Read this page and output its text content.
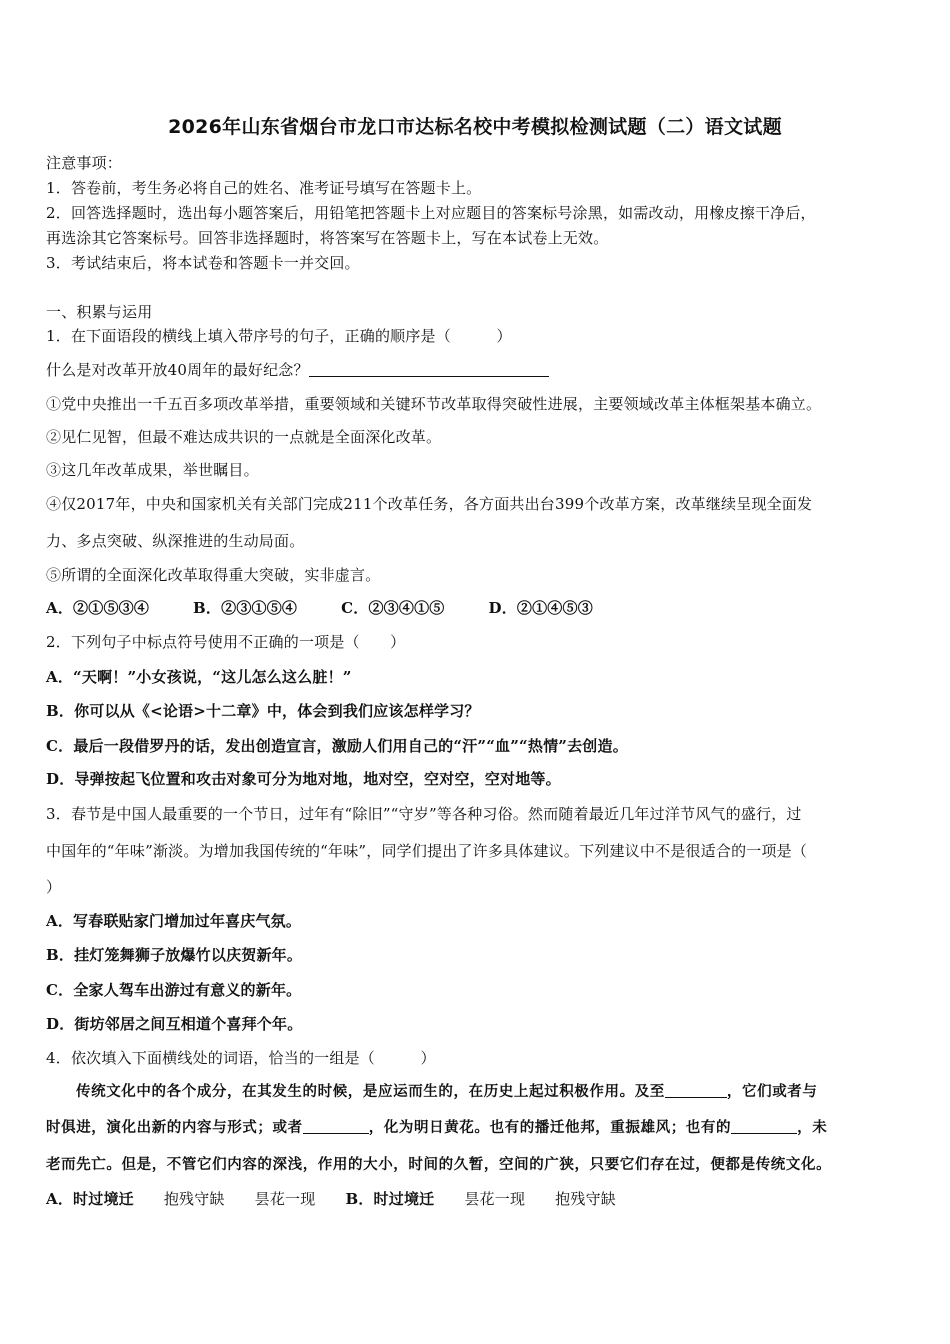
2026年山东省烟台市龙口市达标名校中考模拟检测试题（二）语文试题
注意事项：
1．答卷前，考生务必将自己的姓名、准考证号填写在答题卡上。
2．回答选择题时，选出每小题答案后，用铅笔把答题卡上对应题目的答案标号涂黑，如需改动，用橡皮擦干净后，
再选涂其它答案标号。回答非选择题时，将答案写在答题卡上，写在本试卷上无效。
3．考试结束后，将本试卷和答题卡一并交回。
一、积累与运用
1．在下面语段的横线上填入带序号的句子，正确的顺序是（　　　）
什么是对改革开放40周年的最好纪念？
①党中央推出一千五百多项改革举措，重要领域和关键环节改革取得突破性进展，主要领域改革主体框架基本确立。
②见仁见智，但最不难达成共识的一点就是全面深化改革。
③这几年改革成果，举世瞩目。
④仅2017年，中央和国家机关有关部门完成211个改革任务，各方面共出台399个改革方案，改革继续呈现全面发
力、多点突破、纵深推进的生动局面。
⑤所谓的全面深化改革取得重大突破，实非虚言。
A．②①⑤③④	B．②③①⑤④	C．②③④①⑤	D．②①④⑤③
2．下列句子中标点符号使用不正确的一项是（　　）
A．“天啊！”小女孩说，“这儿怎么这么脏！”
B．你可以从《<论语>十二章》中，体会到我们应该怎样学习？
C．最后一段借罗丹的话，发出创造宣言，激励人们用自己的“汗”“血”“热情”去创造。
D．导弹按起飞位置和攻击对象可分为地对地，地对空，空对空，空对地等。
3．春节是中国人最重要的一个节日，过年有“除旧”“守岁”等各种习俗。然而随着最近几年过洋节风气的盛行，过
中国年的“年味”渐淡。为增加我国传统的“年味”，同学们提出了许多具体建议。下列建议中不是很适合的一项是（
）
A．写春联贴家门增加过年喜庆气氛。
B．挂灯笼舞狮子放爆竹以庆贺新年。
C．全家人驾车出游过有意义的新年。
D．街坊邻居之间互相道个喜拜个年。
4．依次填入下面横线处的词语，恰当的一组是（　　　）
传统文化中的各个成分，在其发生的时候，是应运而生的，在历史上起过积极作用。及至	，它们或者与
时俱进，演化出新的内容与形式；或者	，化为明日黄花。也有的播迁他邦，重振雄风；也有的	，未
老而先亡。但是，不管它们内容的深浅，作用的大小，时间的久暂，空间的广狭，只要它们存在过，便都是传统文化。
A．时过境迁 抱残守缺 昙花一现 B．时过境迁 昙花一现 抱残守缺
